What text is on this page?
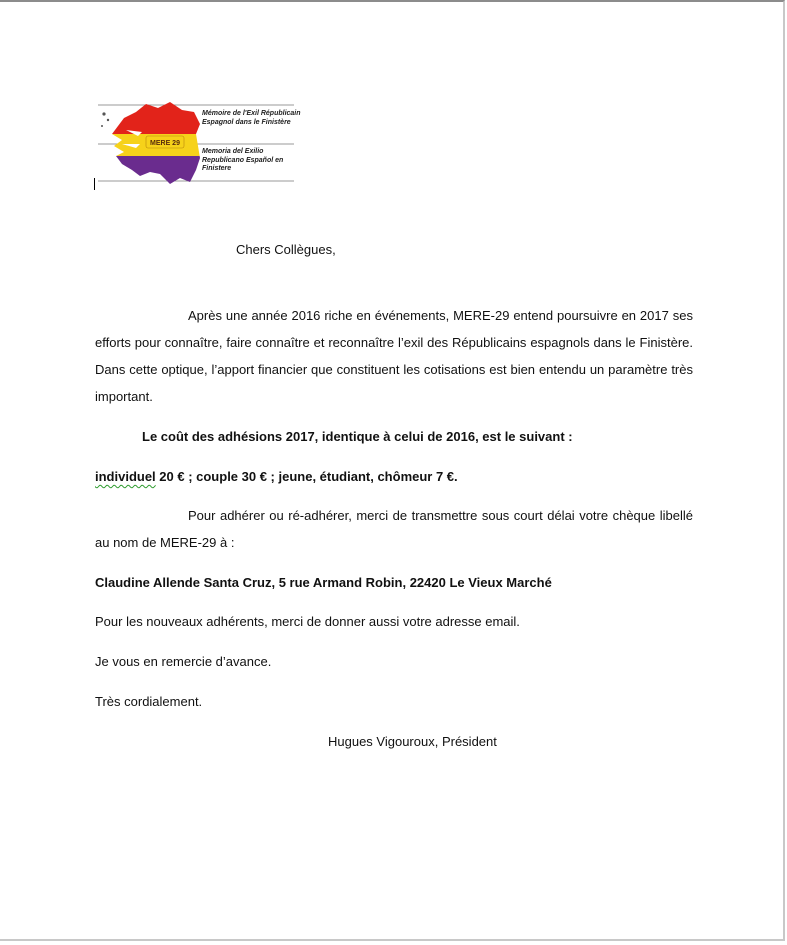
MERE 29
Mémoire de l'Exil Républicain Espagnol dans le Finistère
Memoria del Exilio Republicano Español en Finistere

Chers Collègues,

Après une année 2016 riche en événements, MERE-29 entend poursuivre en 2017 ses efforts pour connaître, faire connaître et reconnaître l’exil des Républicains espagnols dans le Finistère. Dans cette optique, l’apport financier que constituent les cotisations est bien entendu un paramètre très important.

Le coût des adhésions 2017, identique à celui de 2016, est le suivant :

individuel 20 € ; couple 30 € ; jeune, étudiant, chômeur 7 €.

Pour adhérer ou ré-adhérer, merci de transmettre sous court délai votre chèque libellé au nom de MERE-29 à :

Claudine Allende Santa Cruz, 5 rue Armand Robin, 22420 Le Vieux Marché

Pour les nouveaux adhérents, merci de donner aussi votre adresse email.

Je vous en remercie d’avance.

Très cordialement.

Hugues Vigouroux, Président
